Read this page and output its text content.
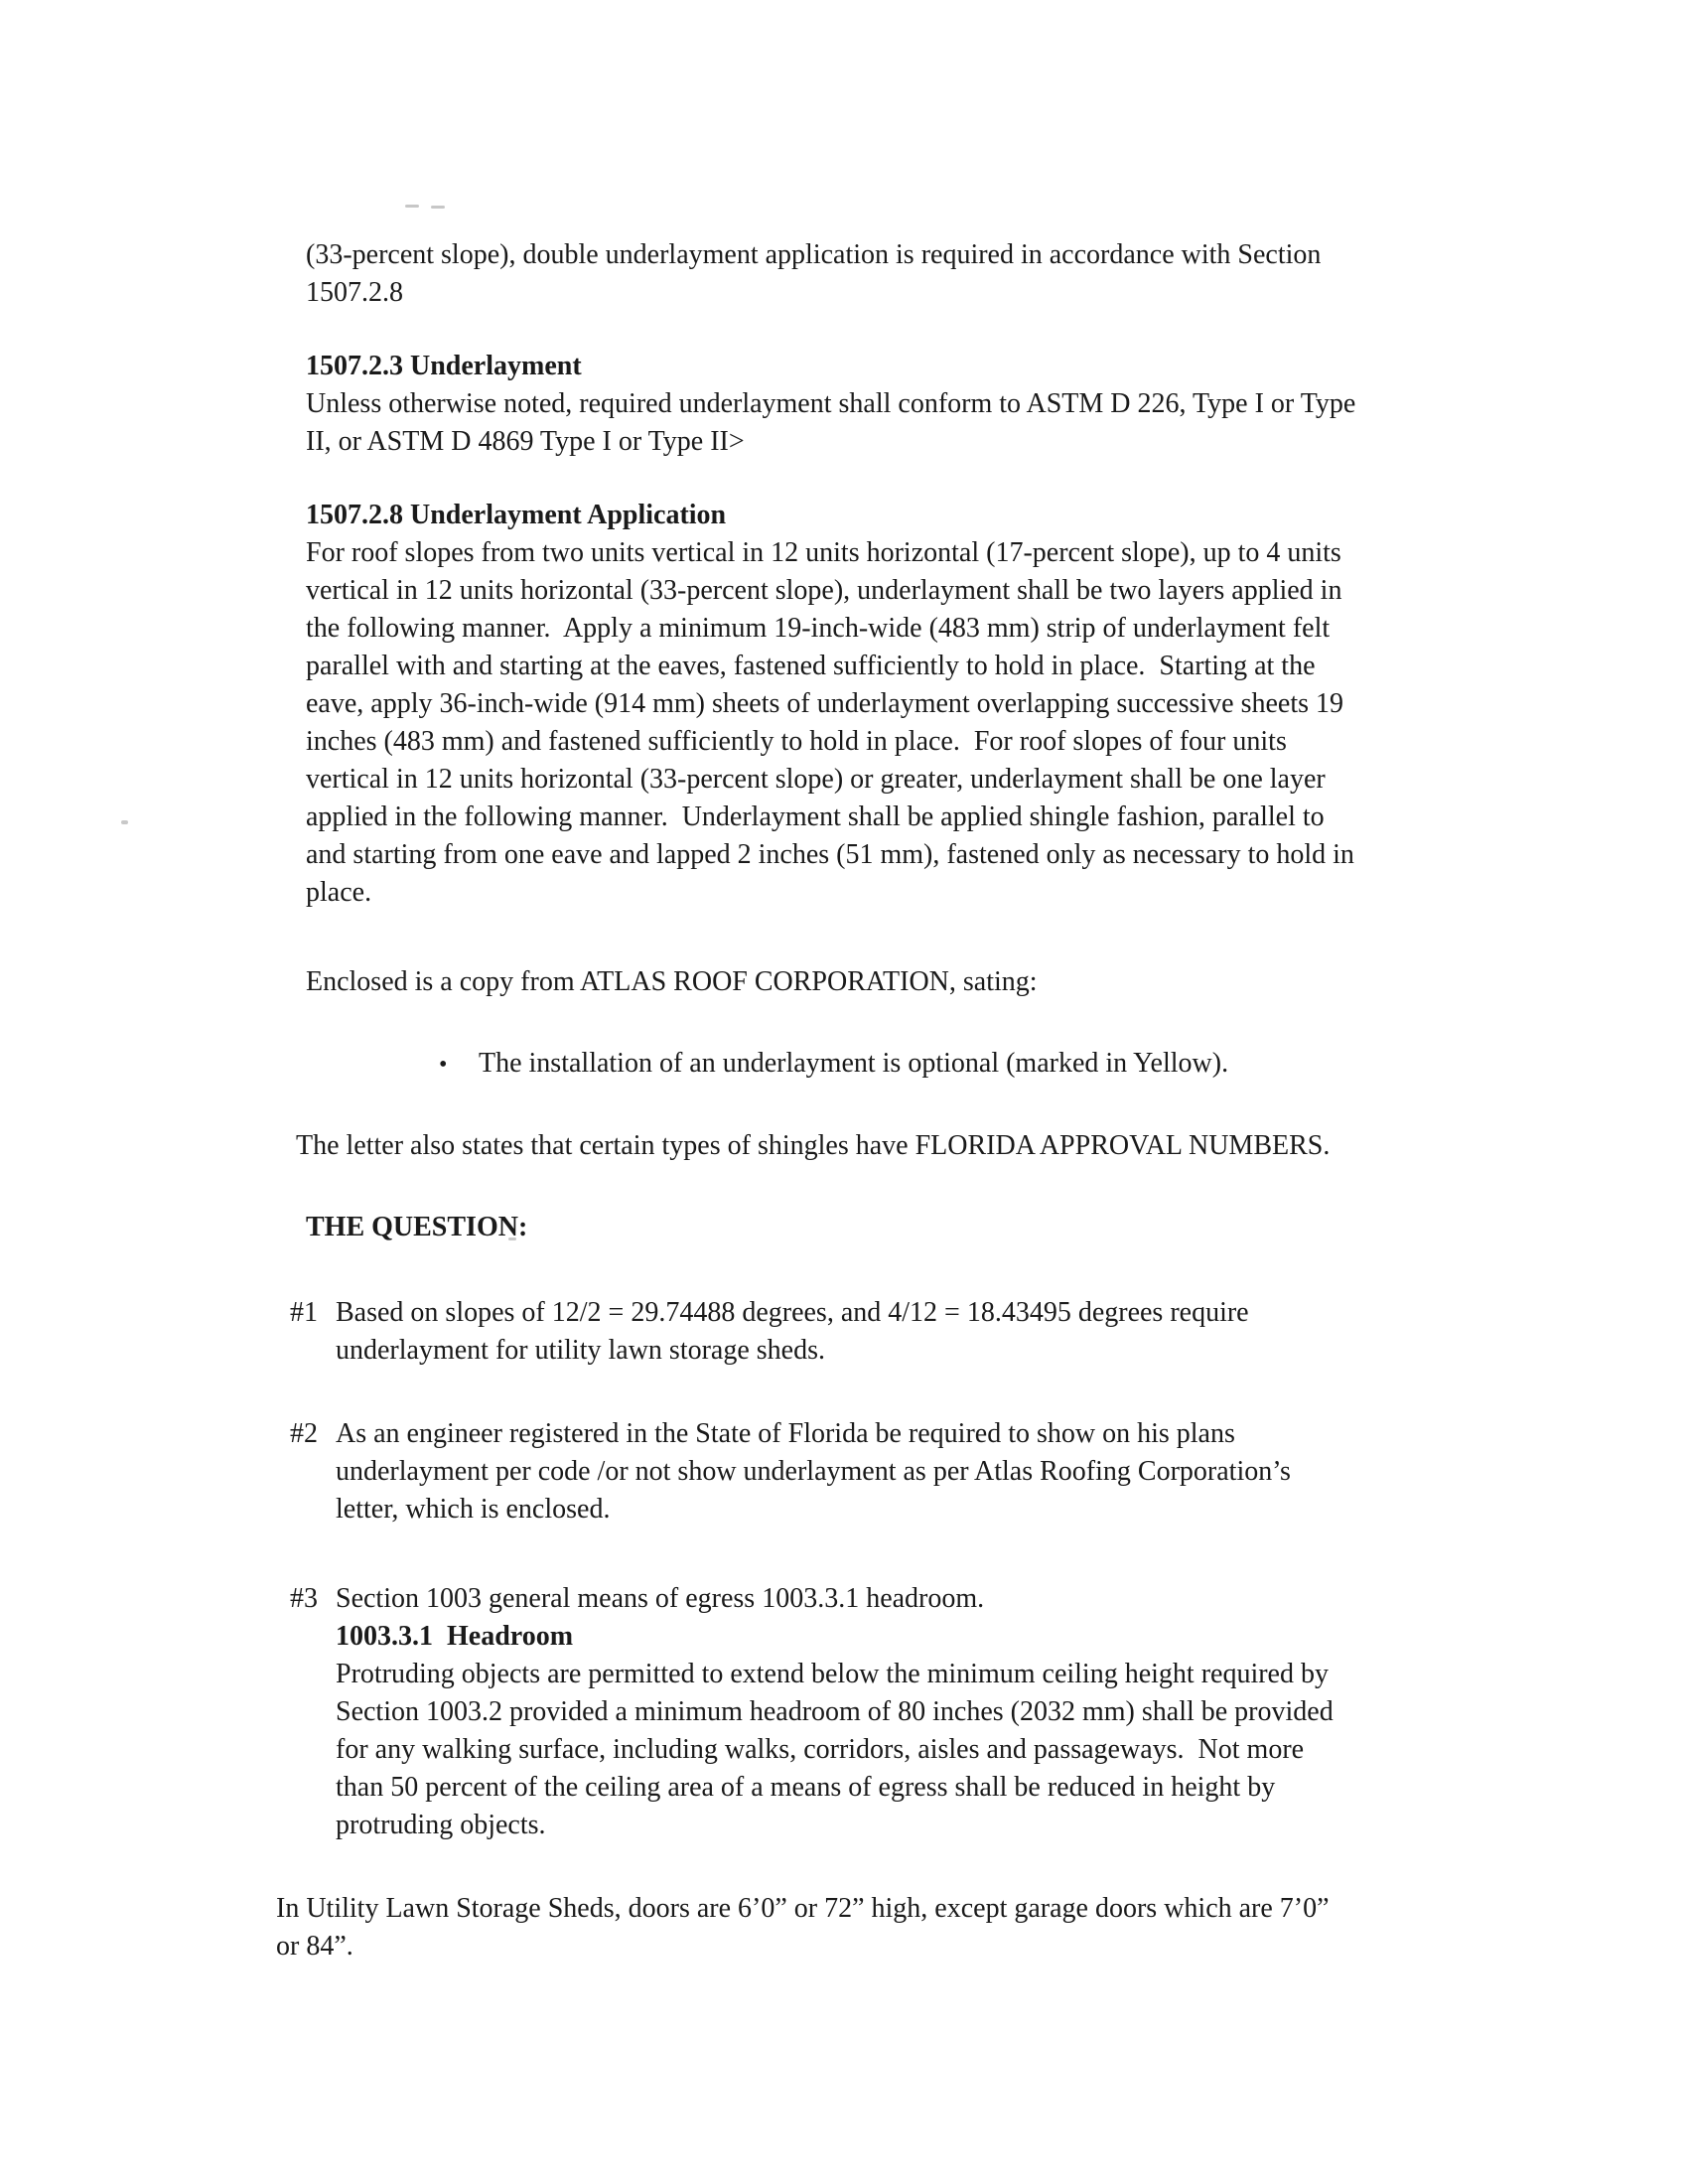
(33-percent slope), double underlayment application is required in accordance with Section 1507.2.8

1507.2.3 Underlayment

Unless otherwise noted, required underlayment shall conform to ASTM D 226, Type I or Type II, or ASTM D 4869 Type I or Type II>

1507.2.8 Underlayment Application

For roof slopes from two units vertical in 12 units horizontal (17-percent slope), up to 4 units vertical in 12 units horizontal (33-percent slope), underlayment shall be two layers applied in the following manner.  Apply a minimum 19-inch-wide (483 mm) strip of underlayment felt parallel with and starting at the eaves, fastened sufficiently to hold in place.  Starting at the eave, apply 36-inch-wide (914 mm) sheets of underlayment overlapping successive sheets 19 inches (483 mm) and fastened sufficiently to hold in place.  For roof slopes of four units vertical in 12 units horizontal (33-percent slope) or greater, underlayment shall be one layer applied in the following manner.  Underlayment shall be applied shingle fashion, parallel to and starting from one eave and lapped 2 inches (51 mm), fastened only as necessary to hold in place.

Enclosed is a copy from ATLAS ROOF CORPORATION, sating:

•	The installation of an underlayment is optional (marked in Yellow).

The letter also states that certain types of shingles have FLORIDA APPROVAL NUMBERS.

THE QUESTION:
#1 Based on slopes of 12/2 = 29.74488 degrees, and 4/12 = 18.43495 degrees require underlayment for utility lawn storage sheds.
#2 As an engineer registered in the State of Florida be required to show on his plans underlayment per code /or not show underlayment as per Atlas Roofing Corporation’s letter, which is enclosed.
#3 Section 1003 general means of egress 1003.3.1 headroom.
1003.3.1  Headroom
Protruding objects are permitted to extend below the minimum ceiling height required by Section 1003.2 provided a minimum headroom of 80 inches (2032 mm) shall be provided for any walking surface, including walks, corridors, aisles and passageways.  Not more than 50 percent of the ceiling area of a means of egress shall be reduced in height by protruding objects.

In Utility Lawn Storage Sheds, doors are 6’0” or 72” high, except garage doors which are 7’0” or 84”.
